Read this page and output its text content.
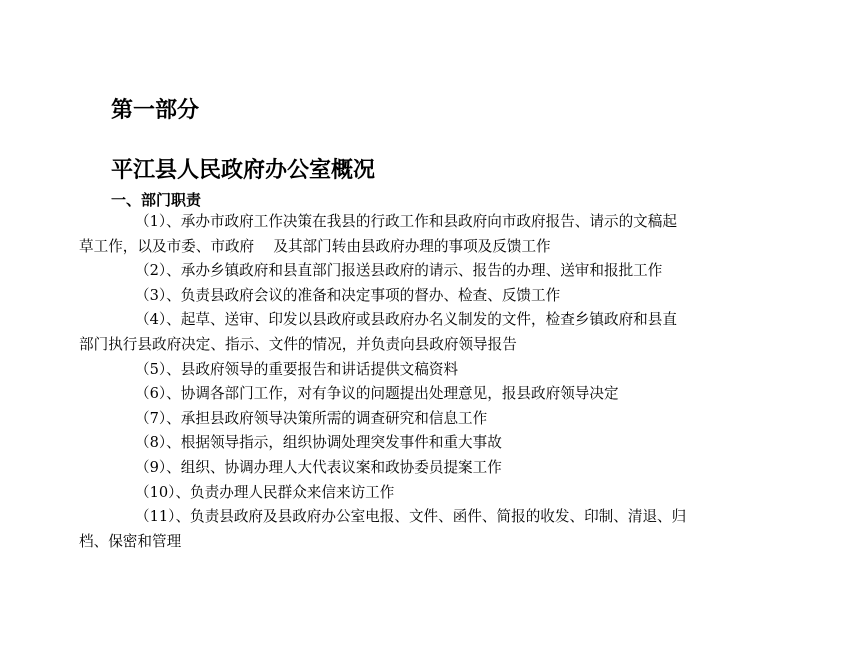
第一部分
平江县人民政府办公室概况
一、部门职责

（1）、承办市政府工作决策在我县的行政工作和县政府向市政府报告、请示的文稿起
草工作，以及市委、市政府　 及其部门转由县政府办理的事项及反馈工作

（2）、承办乡镇政府和县直部门报送县政府的请示、报告的办理、送审和报批工作

（3）、负责县政府会议的准备和决定事项的督办、检查、反馈工作

（4）、起草、送审、印发以县政府或县政府办名义制发的文件，检查乡镇政府和县直
部门执行县政府决定、指示、文件的情况，并负责向县政府领导报告

（5）、县政府领导的重要报告和讲话提供文稿资料

（6）、协调各部门工作，对有争议的问题提出处理意见，报县政府领导决定

（7）、承担县政府领导决策所需的调查研究和信息工作

（8）、根据领导指示，组织协调处理突发事件和重大事故

（9）、组织、协调办理人大代表议案和政协委员提案工作

（10）、负责办理人民群众来信来访工作

（11）、负责县政府及县政府办公室电报、文件、函件、简报的收发、印制、清退、归
档、保密和管理
